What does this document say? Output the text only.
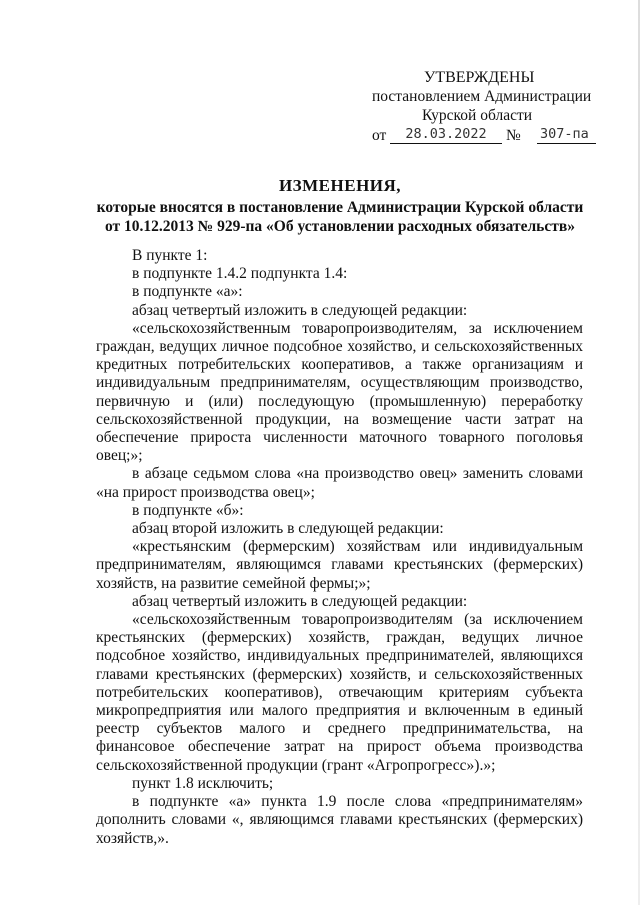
УТВЕРЖДЕНЫ
постановлением Администрации
Курской области
от	28.03.2022	№ 307-па
ИЗМЕНЕНИЯ,
которые вносятся в постановление Администрации Курской области
от 10.12.2013 № 929-па «Об установлении расходных обязательств»

В пункте 1:

в подпункте 1.4.2 подпункта 1.4:

в подпункте «а»:

абзац четвертый изложить в следующей редакции:

«сельскохозяйственным товаропроизводителям, за исключением граждан, ведущих личное подсобное хозяйство, и сельскохозяйственных кредитных потребительских кооперативов, а также организациям и индивидуальным предпринимателям, осуществляющим производство, первичную и (или) последующую (промышленную) переработку сельскохозяйственной продукции, на возмещение части затрат на обеспечение прироста численности маточного товарного поголовья овец;»;

в абзаце седьмом слова «на производство овец» заменить словами «на прирост производства овец»;

в подпункте «б»:

абзац второй изложить в следующей редакции:

«крестьянским (фермерским) хозяйствам или индивидуальным предпринимателям, являющимся главами крестьянских (фермерских) хозяйств, на развитие семейной фермы;»;

абзац четвертый изложить в следующей редакции:

«сельскохозяйственным товаропроизводителям (за исключением крестьянских (фермерских) хозяйств, граждан, ведущих личное подсобное хозяйство, индивидуальных предпринимателей, являющихся главами крестьянских (фермерских) хозяйств, и сельскохозяйственных потребительских кооперативов), отвечающим критериям субъекта микропредприятия или малого предприятия и включенным в единый реестр субъектов малого и среднего предпринимательства, на финансовое обеспечение затрат на прирост объема производства сельскохозяйственной продукции (грант «Агропрогресс»).»;

пункт 1.8 исключить;

в подпункте «а» пункта 1.9 после слова «предпринимателям» дополнить словами «, являющимся главами крестьянских (фермерских) хозяйств,».
